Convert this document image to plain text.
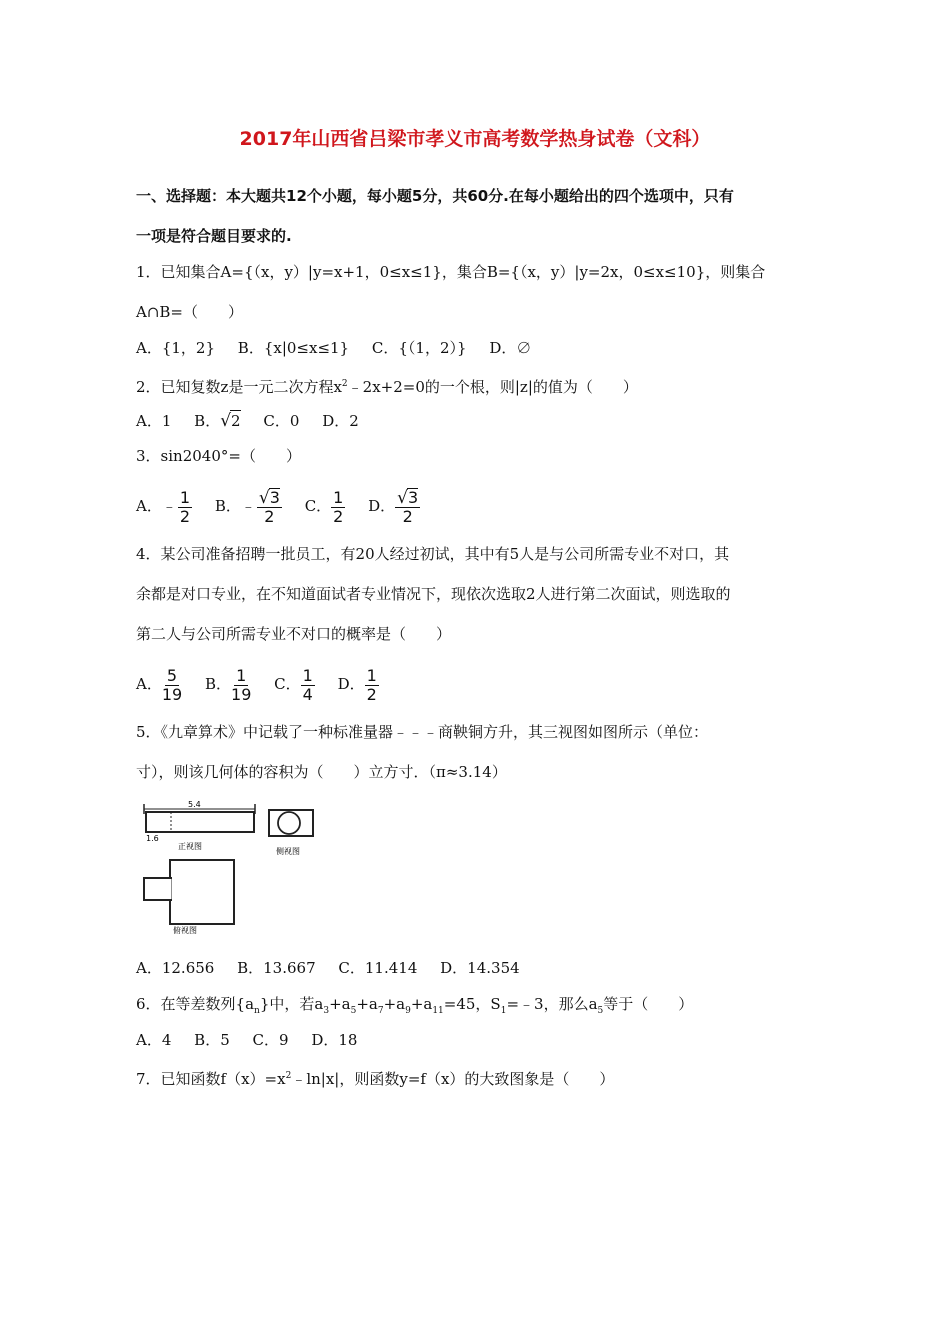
2017年山西省吕梁市孝义市高考数学热身试卷（文科）
一、选择题：本大题共12个小题，每小题5分，共60分.在每小题给出的四个选项中，只有
一项是符合题目要求的.
1．已知集合A={（x，y）|y=x+1，0≤x≤1}，集合B={（x，y）|y=2x，0≤x≤10}，则集合
A∩B=（　　）
A．{1，2} B．{x|0≤x≤1} C．{（1，2）} D．∅
2．已知复数z是一元二次方程$x^2﹣2x+2=0$的一个根，则|z|的值为（　　）
A．1 B．√2 C．0 D．2
3．sin2040°=（　　）
A．﹣ $\frac{1}{2}$ B．﹣ $\frac{√3}{2}$ C． $\frac{1}{2}$ D． $\frac{√3}{2}$
4．某公司准备招聘一批员工，有20人经过初试，其中有5人是与公司所需专业不对口，其
余都是对口专业，在不知道面试者专业情况下，现依次选取2人进行第二次面试，则选取的
第二人与公司所需专业不对口的概率是（　　）
A． $\frac{5}{19}$ B． $\frac{1}{19}$ C． $\frac{1}{4}$ D． $\frac{1}{2}$
5．《九章算术》中记载了一种标准量器﹣﹣﹣商鞅铜方升，其三视图如图所示（单位：
寸），则该几何体的容积为（　　）立方寸．（π≈3.14）
5.4
1.6
正视图
侧视图
俯视图
A．12.656 B．13.667 C．11.414 D．14.354
6．在等差数列$\{a_n\}$中，若$a_3+a_5+a_7+a_9+a_{11}=45$，$S_1=﹣3$，那么$a_5$等于（　　）
A．4 B．5 C．9 D．18
7．已知函数$f(x)=x^2﹣\ln|x|$，则函数y=f（x）的大致图象是（　　）
